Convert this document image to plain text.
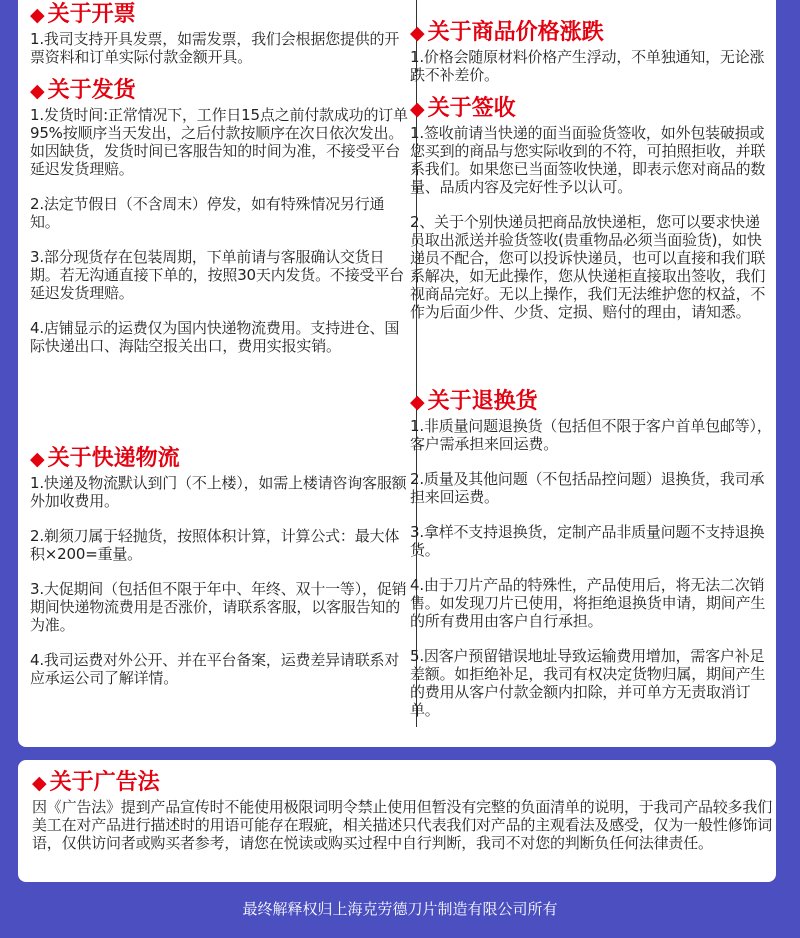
◆ 关于开票

1.我司支持开具发票，如需发票，我们会根据您提供的开票资料和订单实际付款金额开具。

◆ 关于发货

1.发货时间:正常情况下，工作日15点之前付款成功的订单95%按顺序当天发出，之后付款按顺序在次日依次发出。如因缺货，发货时间已客服告知的时间为准，不接受平台延迟发货理赔。

2.法定节假日（不含周末）停发，如有特殊情况另行通知。

3.部分现货存在包装周期，下单前请与客服确认交货日期。若无沟通直接下单的，按照30天内发货。不接受平台延迟发货理赔。

4.店铺显示的运费仅为国内快递物流费用。支持进仓、国际快递出口、海陆空报关出口，费用实报实销。

◆ 关于快递物流

1.快递及物流默认到门（不上楼），如需上楼请咨询客服额外加收费用。

2.剃须刀属于轻抛货，按照体积计算，计算公式：最大体积×200=重量。

3.大促期间（包括但不限于年中、年终、双十一等），促销期间快递物流费用是否涨价，请联系客服，以客服告知的为准。

4.我司运费对外公开、并在平台备案，运费差异请联系对应承运公司了解详情。

◆ 关于商品价格涨跌

1.价格会随原材料价格产生浮动，不单独通知，无论涨跌不补差价。

◆ 关于签收

1.签收前请当快递的面当面验货签收，如外包装破损或您买到的商品与您实际收到的不符，可拍照拒收，并联系我们。如果您已当面签收快递，即表示您对商品的数量、品质内容及完好性予以认可。

2、关于个别快递员把商品放快递柜，您可以要求快递员取出派送并验货签收(贵重物品必须当面验货)，如快递员不配合，您可以投诉快递员，也可以直接和我们联系解决，如无此操作，您从快递柜直接取出签收，我们视商品完好。无以上操作，我们无法维护您的权益，不作为后面少件、少货、定损、赔付的理由，请知悉。

◆ 关于退换货

1.非质量问题退换货（包括但不限于客户首单包邮等），客户需承担来回运费。

2.质量及其他问题（不包括品控问题）退换货，我司承担来回运费。

3.拿样不支持退换货，定制产品非质量问题不支持退换货。

4.由于刀片产品的特殊性，产品使用后，将无法二次销售。如发现刀片已使用，将拒绝退换货申请，期间产生的所有费用由客户自行承担。

5.因客户预留错误地址导致运输费用增加，需客户补足差额。如拒绝补足，我司有权决定货物归属，期间产生的费用从客户付款金额内扣除，并可单方无责取消订单。

◆ 关于广告法

因《广告法》提到产品宣传时不能使用极限词明令禁止使用但暂没有完整的负面清单的说明，于我司产品较多我们美工在对产品进行描述时的用语可能存在瑕疵，相关描述只代表我们对产品的主观看法及感受，仅为一般性修饰词语，仅供访问者或购买者参考，请您在悦读或购买过程中自行判断，我司不对您的判断负任何法律责任。

最终解释权归上海克劳德刀片制造有限公司所有
